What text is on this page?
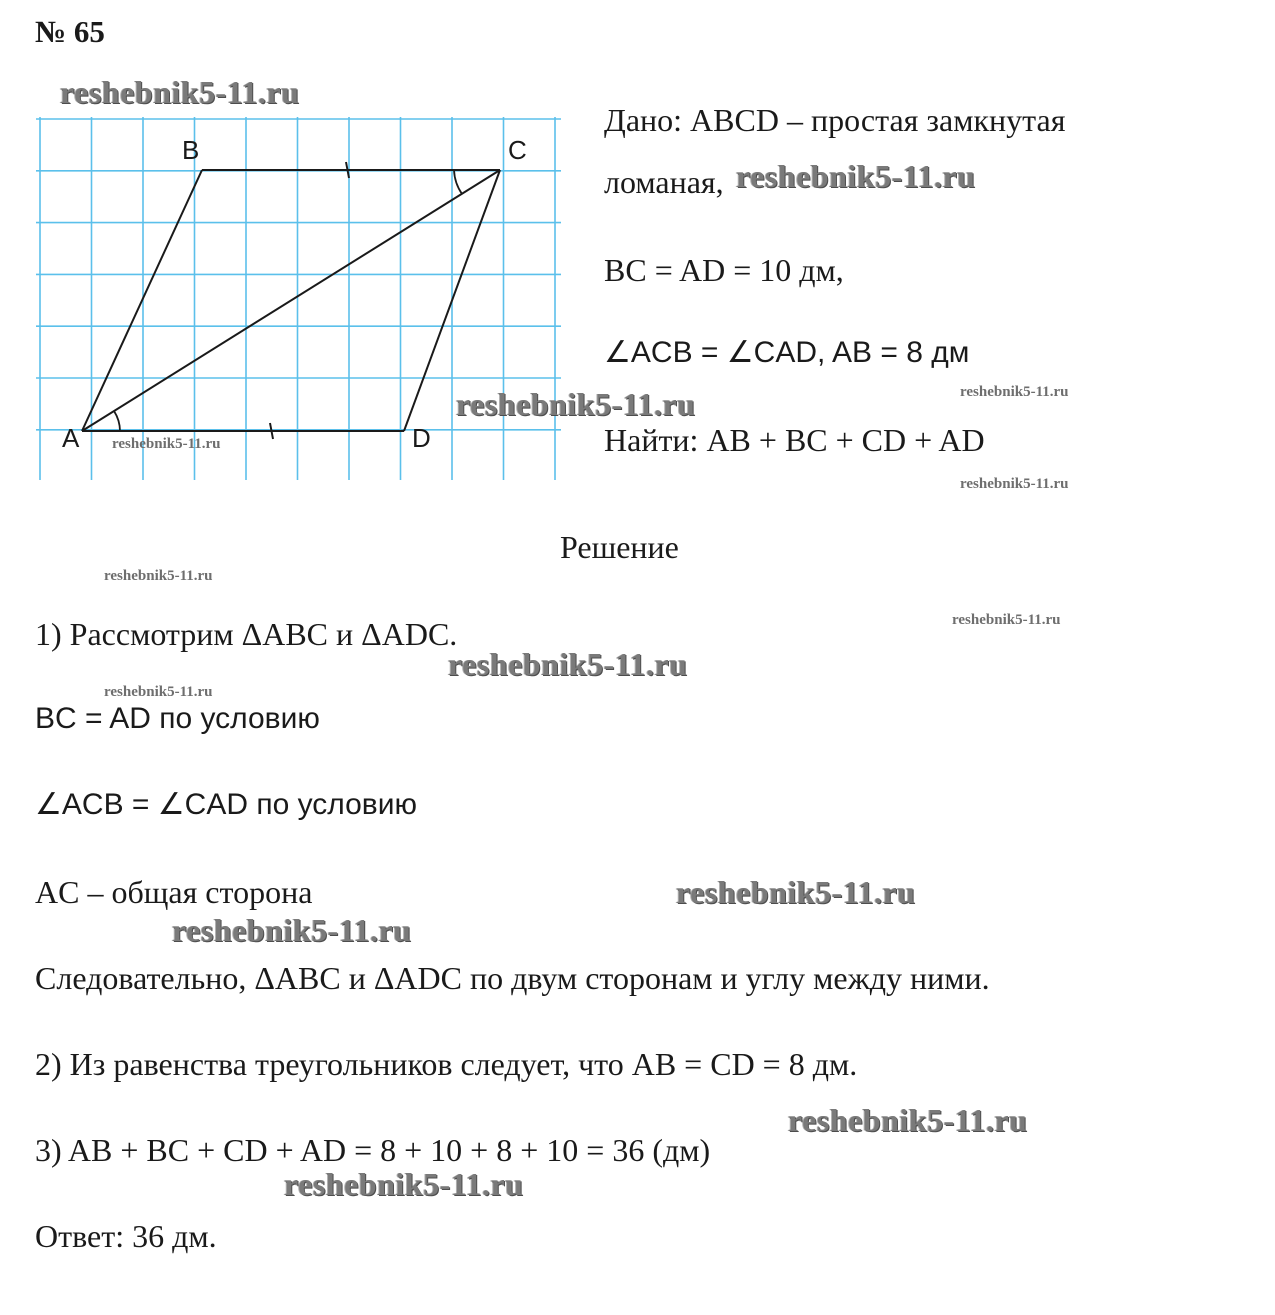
№ 65
A
B	C
D
Дано: ABCD – простая замкнутая
ломаная,
BC = AD = 10 дм,
∠ACB = ∠CAD, AB = 8 дм
Найти: AB + BC + CD + AD
Решение
1) Рассмотрим ΔABC и ΔADC.
BC = AD по условию
∠ACB = ∠CAD по условию
AC – общая сторона
Следовательно, ΔABC и ΔADC по двум сторонам и углу между ними.
2) Из равенства треугольников следует, что AB = CD = 8 дм.
3) AB + BC + CD + AD = 8 + 10 + 8 + 10 = 36 (дм)
Ответ: 36 дм.
reshebnik5-11.ru
reshebnik5-11.ru
reshebnik5-11.ru	reshebnik5-11.ru
reshebnik5-11.ru
reshebnik5-11.ru
reshebnik5-11.ru
reshebnik5-11.ru
reshebnik5-11.ru
reshebnik5-11.ru
reshebnik5-11.ru
reshebnik5-11.ru
reshebnik5-11.ru
reshebnik5-11.ru
